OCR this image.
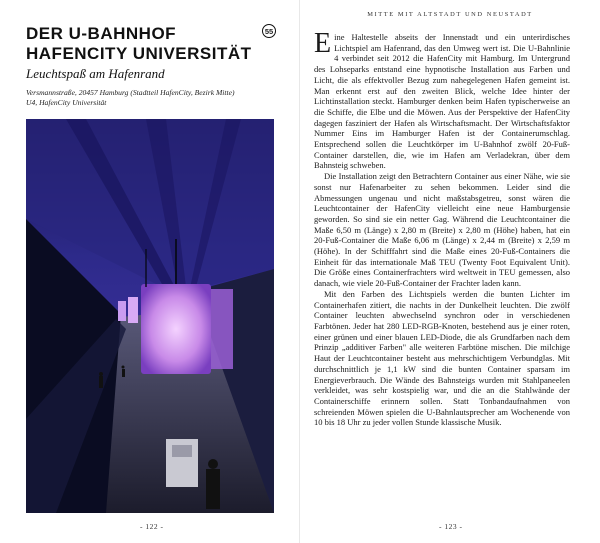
DER U-BAHNHOF HAFENCITY UNIVERSITÄT
55
Leuchtspaß am Hafenrand
Versmannstraße, 20457 Hamburg (Stadtteil HafenCity, Bezirk Mitte)
U4, HafenCity Universität
- 122 -
MITTE MIT ALTSTADT UND NEUSTADT

Eine Haltestelle abseits der Innenstadt und ein unterirdisches Lichtspiel am Hafenrand, das den Umweg wert ist. Die U-Bahnlinie 4 verbindet seit 2012 die HafenCity mit Hamburg. Im Untergrund des Lohseparks entstand eine hypnotische Installation aus Farben und Licht, die als effektvoller Bezug zum nahegelegenen Hafen gemeint ist. Man erkennt erst auf den zweiten Blick, welche Idee hinter der Lichtinstallation steckt. Hamburger denken beim Hafen typischerweise an die Schiffe, die Elbe und die Möwen. Aus der Perspektive der HafenCity dagegen fasziniert der Hafen als Wirtschaftsmacht. Der Wirtschaftsfaktor Nummer Eins im Hamburger Hafen ist der Containerumschlag. Entsprechend sollen die Leuchtkörper im U-Bahnhof zwölf 20-Fuß-Container darstellen, die, wie im Hafen am Verladekran, über dem Bahnsteig schweben.

Die Installation zeigt den Betrachtern Container aus einer Nähe, wie sie sonst nur Hafenarbeiter zu sehen bekommen. Leider sind die Abmessungen ungenau und nicht maßstabsgetreu, sonst wären die Leuchtcontainer der HafenCity vielleicht eine neue Hamburgensie geworden. So sind sie ein netter Gag. Während die Leuchtcontainer die Maße 6,50 m (Länge) x 2,80 m (Breite) x 2,80 m (Höhe) haben, hat ein 20-Fuß-Container die Maße 6,06 m (Länge) x 2,44 m (Breite) x 2,59 m (Höhe). In der Schifffahrt sind die Maße eines 20-Fuß-Containers die Einheit für das internationale Maß TEU (Twenty Foot Equivalent Unit). Die Größe eines Containerfrachters wird weltweit in TEU gemessen, also danach, wie viele 20-Fuß-Container der Frachter laden kann.

Mit den Farben des Lichtspiels werden die bunten Lichter im Containerhafen zitiert, die nachts in der Dunkelheit leuchten. Die zwölf Container leuchten abwechselnd synchron oder in verschiedenen Farbtönen. Jeder hat 280 LED-RGB-Knoten, bestehend aus je einer roten, einer grünen und einer blauen LED-Diode, die als Grundfarben nach dem Prinzip „additiver Farben" alle weiteren Farbtöne mischen. Die milchige Haut der Leuchtcontainer besteht aus mehrschichtigem Verbundglas. Mit durchschnittlich je 1,1 kW sind die bunten Container sparsam im Energieverbrauch. Die Wände des Bahnsteigs wurden mit Stahlpaneelen verkleidet, was sehr kostspielig war, und die an die Stahlwände der Containerschiffe erinnern sollen. Statt Tonbandaufnahmen von schreienden Möwen spielen die U-Bahnlautsprecher am Wochenende von 10 bis 18 Uhr zu jeder vollen Stunde klassische Musik.

- 123 -
